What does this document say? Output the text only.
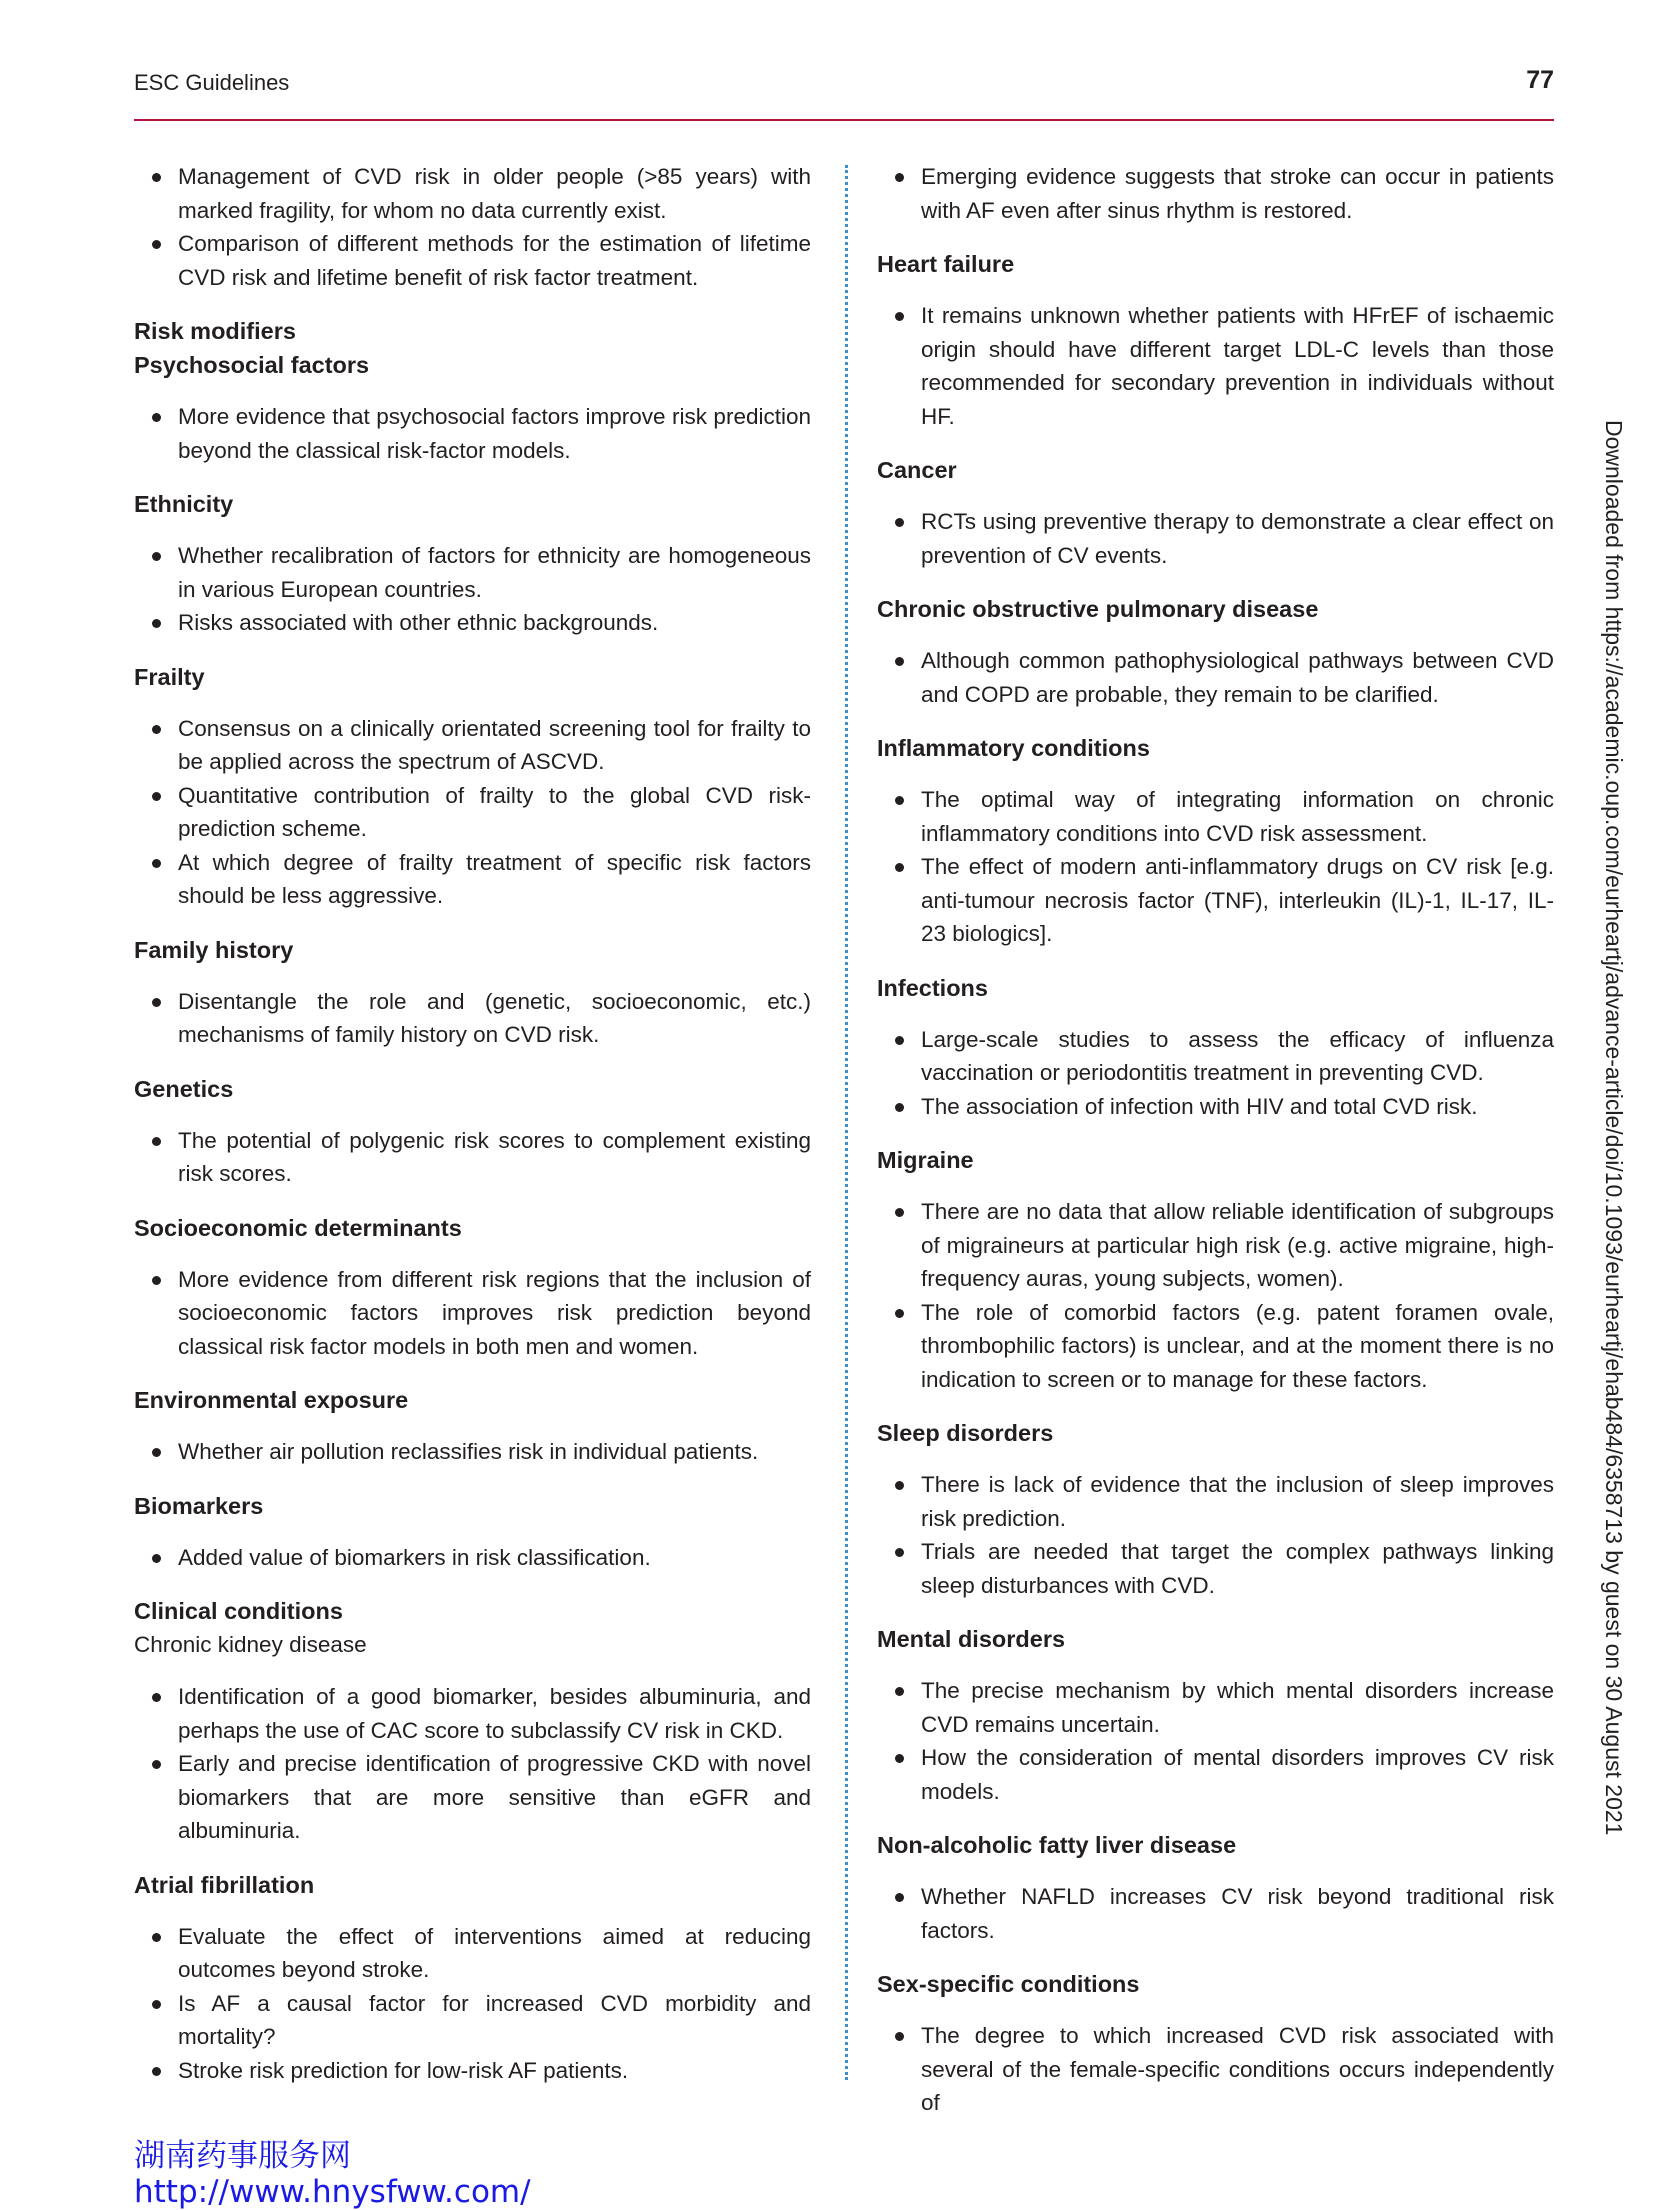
ESC Guidelines	77
Management of CVD risk in older people (>85 years) with marked fragility, for whom no data currently exist.
Comparison of different methods for the estimation of lifetime CVD risk and lifetime benefit of risk factor treatment.
Risk modifiers
Psychosocial factors
More evidence that psychosocial factors improve risk prediction beyond the classical risk-factor models.
Ethnicity
Whether recalibration of factors for ethnicity are homogeneous in various European countries.
Risks associated with other ethnic backgrounds.
Frailty
Consensus on a clinically orientated screening tool for frailty to be applied across the spectrum of ASCVD.
Quantitative contribution of frailty to the global CVD risk-prediction scheme.
At which degree of frailty treatment of specific risk factors should be less aggressive.
Family history
Disentangle the role and (genetic, socioeconomic, etc.) mechanisms of family history on CVD risk.
Genetics
The potential of polygenic risk scores to complement existing risk scores.
Socioeconomic determinants
More evidence from different risk regions that the inclusion of socioeconomic factors improves risk prediction beyond classical risk factor models in both men and women.
Environmental exposure
Whether air pollution reclassifies risk in individual patients.
Biomarkers
Added value of biomarkers in risk classification.
Clinical conditions
Chronic kidney disease
Identification of a good biomarker, besides albuminuria, and perhaps the use of CAC score to subclassify CV risk in CKD.
Early and precise identification of progressive CKD with novel biomarkers that are more sensitive than eGFR and albuminuria.
Atrial fibrillation
Evaluate the effect of interventions aimed at reducing outcomes beyond stroke.
Is AF a causal factor for increased CVD morbidity and mortality?
Stroke risk prediction for low-risk AF patients.
Emerging evidence suggests that stroke can occur in patients with AF even after sinus rhythm is restored.
Heart failure
It remains unknown whether patients with HFrEF of ischaemic origin should have different target LDL-C levels than those recommended for secondary prevention in individuals without HF.
Cancer
RCTs using preventive therapy to demonstrate a clear effect on prevention of CV events.
Chronic obstructive pulmonary disease
Although common pathophysiological pathways between CVD and COPD are probable, they remain to be clarified.
Inflammatory conditions
The optimal way of integrating information on chronic inflammatory conditions into CVD risk assessment.
The effect of modern anti-inflammatory drugs on CV risk [e.g. anti-tumour necrosis factor (TNF), interleukin (IL)-1, IL-17, IL-23 biologics].
Infections
Large-scale studies to assess the efficacy of influenza vaccination or periodontitis treatment in preventing CVD.
The association of infection with HIV and total CVD risk.
Migraine
There are no data that allow reliable identification of subgroups of migraineurs at particular high risk (e.g. active migraine, high-frequency auras, young subjects, women).
The role of comorbid factors (e.g. patent foramen ovale, thrombophilic factors) is unclear, and at the moment there is no indication to screen or to manage for these factors.
Sleep disorders
There is lack of evidence that the inclusion of sleep improves risk prediction.
Trials are needed that target the complex pathways linking sleep disturbances with CVD.
Mental disorders
The precise mechanism by which mental disorders increase CVD remains uncertain.
How the consideration of mental disorders improves CV risk models.
Non-alcoholic fatty liver disease
Whether NAFLD increases CV risk beyond traditional risk factors.
Sex-specific conditions
The degree to which increased CVD risk associated with several of the female-specific conditions occurs independently of
Downloaded from https://academic.oup.com/eurheartj/advance-article/doi/10.1093/eurheartj/ehab484/6358713 by guest on 30 August 2021
湖南药事服务网
http://www.hnysfww.com/
